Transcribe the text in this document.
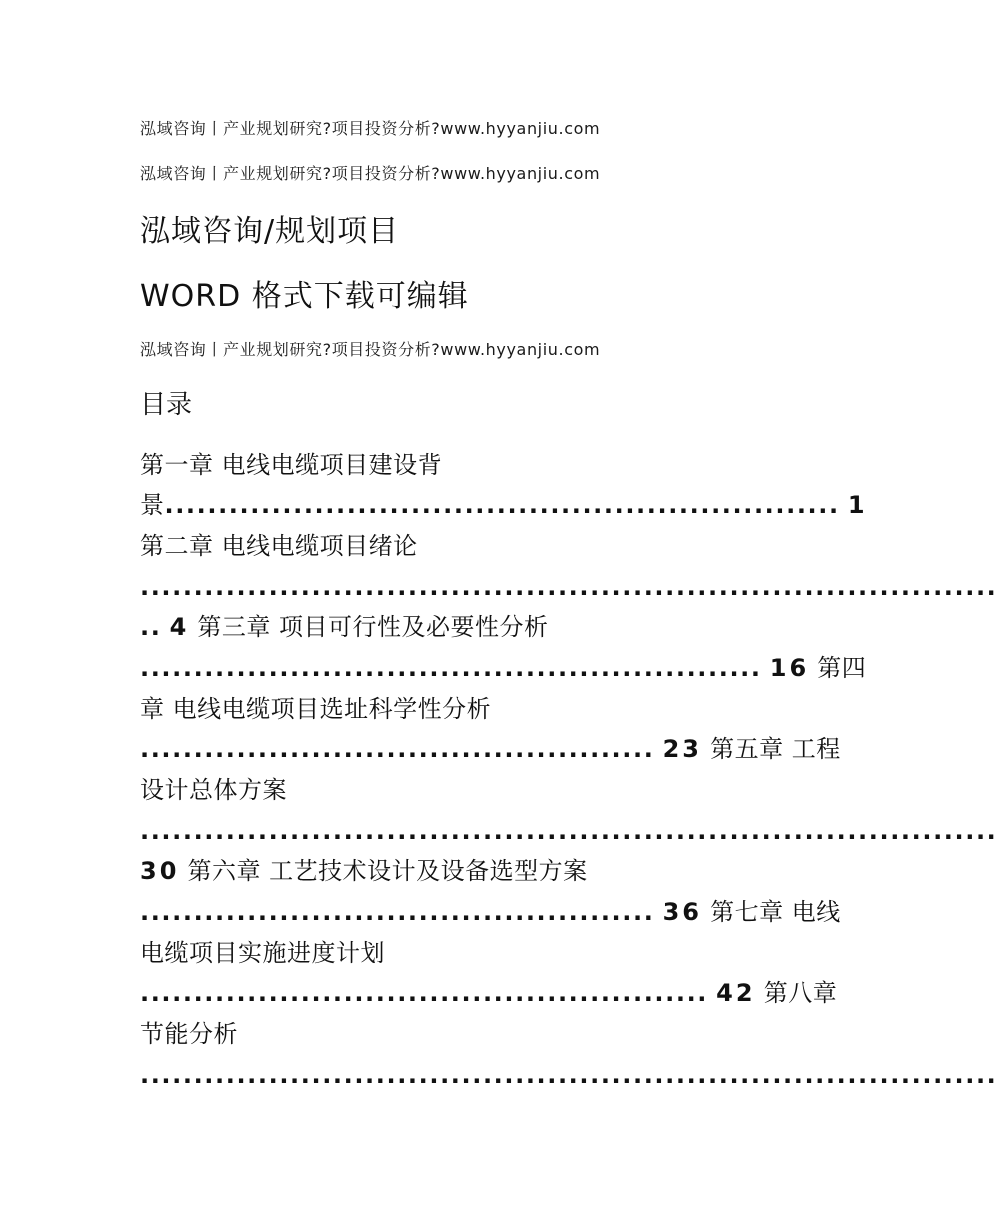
泓域咨询丨产业规划研究?项目投资分析?www.hyyanjiu.com
泓域咨询丨产业规划研究?项目投资分析?www.hyyanjiu.com
泓域咨询/规划项目
WORD 格式下载可编辑
泓域咨询丨产业规划研究?项目投资分析?www.hyyanjiu.com
目录
第一章 电线电缆项目建设背
景............................................................... 1
第二章 电线电缆项目绪论
................................................................................
.. 4 第三章 项目可行性及必要性分析
.......................................................... 16 第四
章 电线电缆项目选址科学性分析
................................................ 23 第五章 工程
设计总体方案
................................................................................
30 第六章 工艺技术设计及设备选型方案
................................................ 36 第七章 电线
电缆项目实施进度计划
..................................................... 42 第八章
节能分析
................................................................................
